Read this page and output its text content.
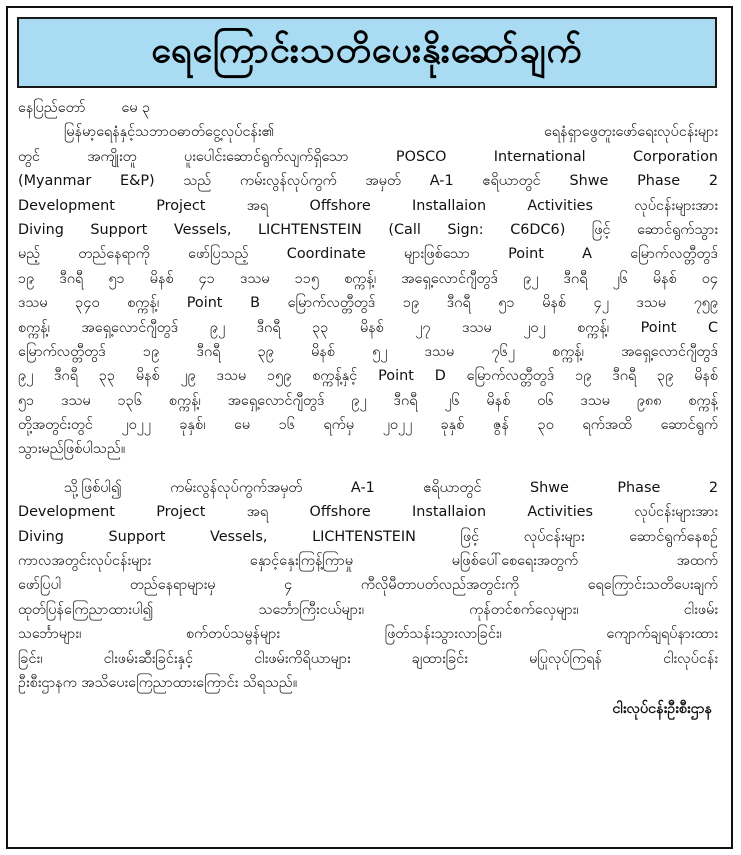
ရေကြောင်းသတိပေးနိုးဆော်ချက်
နေပြည်တော်	မေ ၃
မြန်မာ့ရေနံနှင့်သဘာဝဓာတ်ငွေ့လုပ်ငန်း၏ ရေနံရှာဖွေတူးဖော်ရေးလုပ်ငန်းများ
တွင် အကျိုးတူ ပူးပေါင်းဆောင်ရွက်လျက်ရှိသော POSCO International Corporation
(Myanmar E&P) သည် ကမ်းလွန်လုပ်ကွက် အမှတ် A-1 ဧရိယာတွင် Shwe Phase 2
Development Project အရ Offshore Installaion Activities လုပ်ငန်းများအား
Diving Support Vessels, LICHTENSTEIN (Call Sign: C6DC6) ဖြင့် ဆောင်ရွက်သွား
မည့် တည်နေရာကို ဖော်ပြသည့် Coordinate များဖြစ်သော Point A မြောက်လတ္တီတွဒ်
၁၉ ဒီဂရီ ၅၁ မိနစ် ၄၁ ဒသမ ၁၁၅ စက္ကန့်၊ အရှေ့လောင်ဂျီတွဒ် ၉၂ ဒီဂရီ ၂၆ မိနစ် ၀၄
ဒသမ ၃၄၀ စက္ကန့်၊ Point B မြောက်လတ္တီတွဒ် ၁၉ ဒီဂရီ ၅၁ မိနစ် ၄၂ ဒသမ ၇၅၉
စက္ကန့်၊ အရှေ့လောင်ဂျီတွဒ် ၉၂ ဒီဂရီ ၃၃ မိနစ် ၂၇ ဒသမ ၂၀၂ စက္ကန့်၊ Point C
မြောက်လတ္တီတွဒ် ၁၉ ဒီဂရီ ၃၉ မိနစ် ၅၂ ဒသမ ၇၆၂ စက္ကန့်၊ အရှေ့လောင်ဂျီတွဒ်
၉၂ ဒီဂရီ ၃၃ မိနစ် ၂၉ ဒသမ ၁၅၉ စက္ကန့်နှင့် Point D မြောက်လတ္တီတွဒ် ၁၉ ဒီဂရီ ၃၉ မိနစ်
၅၁ ဒသမ ၁၃၆ စက္ကန့်၊ အရှေ့လောင်ဂျီတွဒ် ၉၂ ဒီဂရီ ၂၆ မိနစ် ၀၆ ဒသမ ၉၈၈ စက္ကန့်
တို့အတွင်းတွင် ၂၀၂၂ ခုနှစ်၊ မေ ၁၆ ရက်မှ ၂၀၂၂ ခုနှစ် ဇွန် ၃၀ ရက်အထိ ဆောင်ရွက်
သွားမည်ဖြစ်ပါသည်။
သို့ဖြစ်ပါ၍ ကမ်းလွန်လုပ်ကွက်အမှတ် A-1 ဧရိယာတွင် Shwe Phase 2
Development Project အရ Offshore Installaion Activities လုပ်ငန်းများအား
Diving Support Vessels, LICHTENSTEIN ဖြင့် လုပ်ငန်းများ ဆောင်ရွက်နေစဉ်
ကာလအတွင်းလုပ်ငန်းများ နှောင့်နှေးကြန့်ကြာမှု မဖြစ်ပေါ်စေရေးအတွက် အထက်
ဖော်ပြပါ တည်နေရာများမှ ၄ ကီလိုမီတာပတ်လည်အတွင်းကို ရေကြောင်းသတိပေးချက်
ထုတ်ပြန်ကြေညာထားပါ၍ သင်္ဘောကြီးငယ်များ၊ ကုန်တင်စက်လှေများ၊ ငါးဖမ်း
သင်္ဘောများ၊ စက်တပ်သမ္ဗန်များ ဖြတ်သန်းသွားလာခြင်း၊ ကျောက်ချရပ်နားထား
ခြင်း၊ ငါးဖမ်းဆီးခြင်းနှင့် ငါးဖမ်းကိရိယာများ ချထားခြင်း မပြုလုပ်ကြရန် ငါးလုပ်ငန်း
ဦးစီးဌာနက အသိပေးကြေညာထားကြောင်း သိရသည်။
ငါးလုပ်ငန်းဦးစီးဌာန
